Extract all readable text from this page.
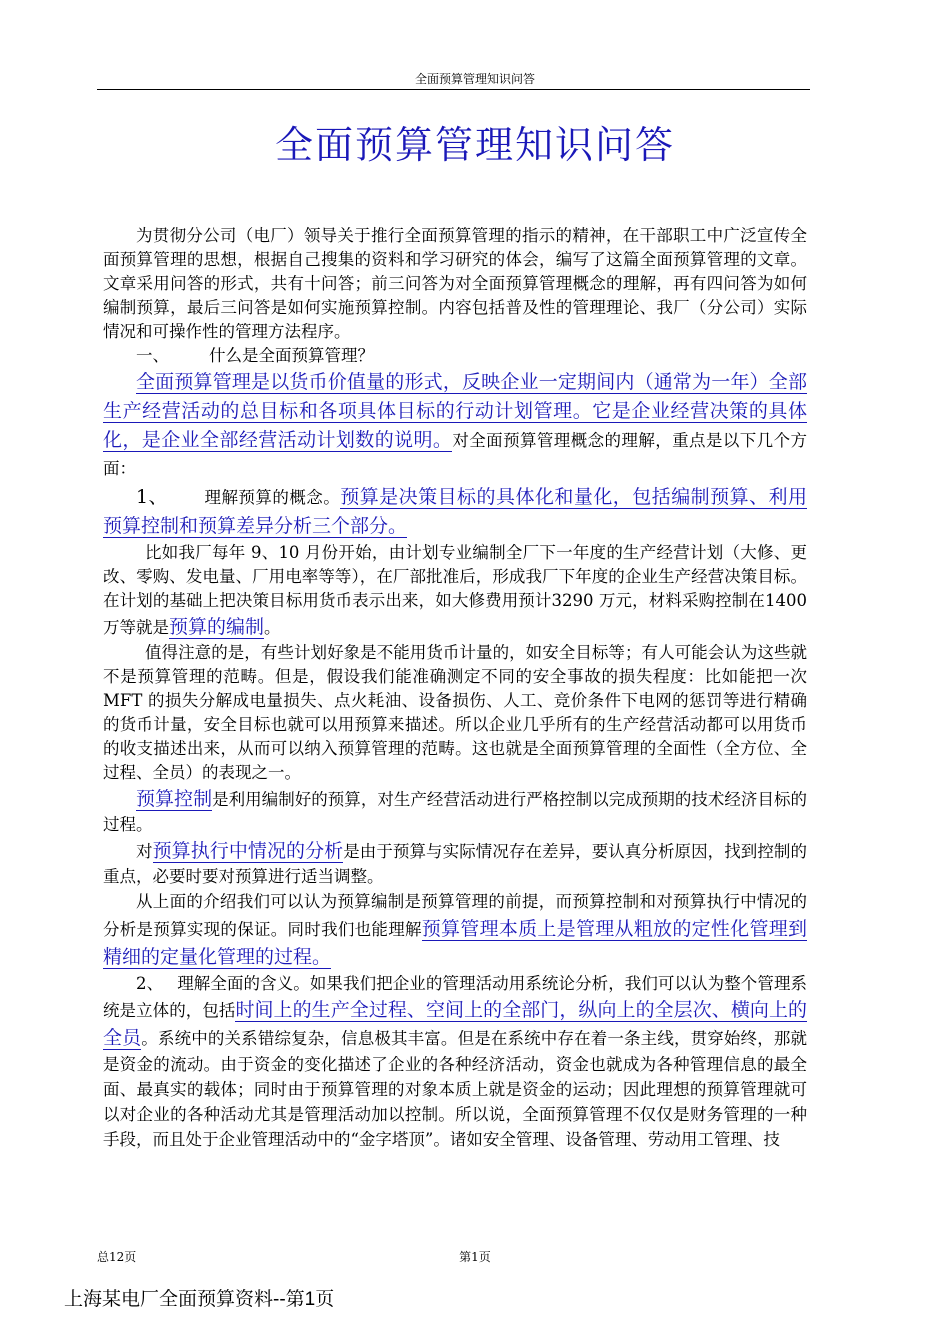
全面预算管理知识问答
全面预算管理知识问答

为贯彻分公司（电厂）领导关于推行全面预算管理的指示的精神，在干部职工中广泛宣传全面预算管理的思想，根据自己搜集的资料和学习研究的体会，编写了这篇全面预算管理的文章。文章采用问答的形式，共有十问答；前三问答为对全面预算管理概念的理解，再有四问答为如何编制预算，最后三问答是如何实施预算控制。内容包括普及性的管理理论、我厂（分公司）实际情况和可操作性的管理方法程序。

一、 什么是全面预算管理？

全面预算管理是以货币价值量的形式，反映企业一定期间内（通常为一年）全部生产经营活动的总目标和各项具体目标的行动计划管理。它是企业经营决策的具体化，是企业全部经营活动计划数的说明。对全面预算管理概念的理解，重点是以下几个方面：

1、 理解预算的概念。预算是决策目标的具体化和量化，包括编制预算、利用预算控制和预算差异分析三个部分。

比如我厂每年 9、10 月份开始，由计划专业编制全厂下一年度的生产经营计划（大修、更改、零购、发电量、厂用电率等等），在厂部批准后，形成我厂下年度的企业生产经营决策目标。在计划的基础上把决策目标用货币表示出来，如大修费用预计3290 万元，材料采购控制在1400 万等就是预算的编制。

值得注意的是，有些计划好象是不能用货币计量的，如安全目标等；有人可能会认为这些就不是预算管理的范畴。但是，假设我们能准确测定不同的安全事故的损失程度：比如能把一次 MFT 的损失分解成电量损失、点火耗油、设备损伤、人工、竞价条件下电网的惩罚等进行精确的货币计量，安全目标也就可以用预算来描述。所以企业几乎所有的生产经营活动都可以用货币的收支描述出来，从而可以纳入预算管理的范畴。这也就是全面预算管理的全面性（全方位、全过程、全员）的表现之一。

预算控制是利用编制好的预算，对生产经营活动进行严格控制以完成预期的技术经济目标的过程。

对预算执行中情况的分析是由于预算与实际情况存在差异，要认真分析原因，找到控制的重点，必要时要对预算进行适当调整。

从上面的介绍我们可以认为预算编制是预算管理的前提，而预算控制和对预算执行中情况的分析是预算实现的保证。同时我们也能理解预算管理本质上是管理从粗放的定性化管理到精细的定量化管理的过程。

2、 理解全面的含义。如果我们把企业的管理活动用系统论分析，我们可以认为整个管理系统是立体的，包括时间上的生产全过程、空间上的全部门，纵向上的全层次、横向上的全员。系统中的关系错综复杂，信息极其丰富。但是在系统中存在着一条主线，贯穿始终，那就是资金的流动。由于资金的变化描述了企业的各种经济活动，资金也就成为各种管理信息的最全面、最真实的载体；同时由于预算管理的对象本质上就是资金的运动；因此理想的预算管理就可以对企业的各种活动尤其是管理活动加以控制。所以说，全面预算管理不仅仅是财务管理的一种手段，而且处于企业管理活动中的“金字塔顶”。诸如安全管理、设备管理、劳动用工管理、技

总12页	第1页
上海某电厂全面预算资料--第1页
